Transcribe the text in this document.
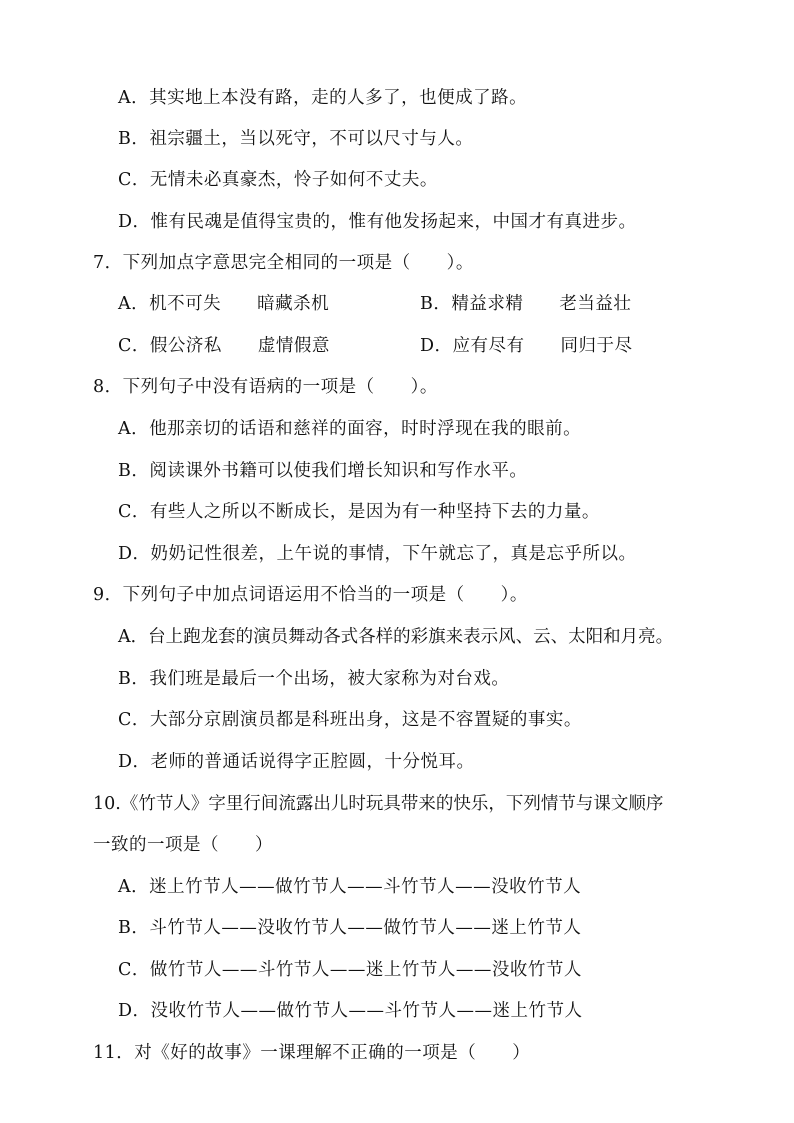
A．其实地上本没有路，走的人多了，也便成了路。
B．祖宗疆土，当以死守，不可以尺寸与人。
C．无情未必真豪杰，怜子如何不丈夫。
D．惟有民魂是值得宝贵的，惟有他发扬起来，中国才有真进步。
7．下列加点字意思完全相同的一项是（　　）。
A．机不可失　　暗藏杀机	B．精益求精　　老当益壮
C．假公济私　　虚情假意	D．应有尽有　　同归于尽
8．下列句子中没有语病的一项是（　　）。
A．他那亲切的话语和慈祥的面容，时时浮现在我的眼前。
B．阅读课外书籍可以使我们增长知识和写作水平。
C．有些人之所以不断成长，是因为有一种坚持下去的力量。
D．奶奶记性很差，上午说的事情，下午就忘了，真是忘乎所以。
9．下列句子中加点词语运用不恰当的一项是（　　）。
A．台上跑龙套的演员舞动各式各样的彩旗来表示风、云、太阳和月亮。
B．我们班是最后一个出场，被大家称为对台戏。
C．大部分京剧演员都是科班出身，这是不容置疑的事实。
D．老师的普通话说得字正腔圆，十分悦耳。
10.《竹节人》字里行间流露出儿时玩具带来的快乐，下列情节与课文顺序
一致的一项是（　　）
A．迷上竹节人——做竹节人——斗竹节人——没收竹节人
B．斗竹节人——没收竹节人——做竹节人——迷上竹节人
C．做竹节人——斗竹节人——迷上竹节人——没收竹节人
D．没收竹节人——做竹节人——斗竹节人——迷上竹节人
11．对《好的故事》一课理解不正确的一项是（　　）
